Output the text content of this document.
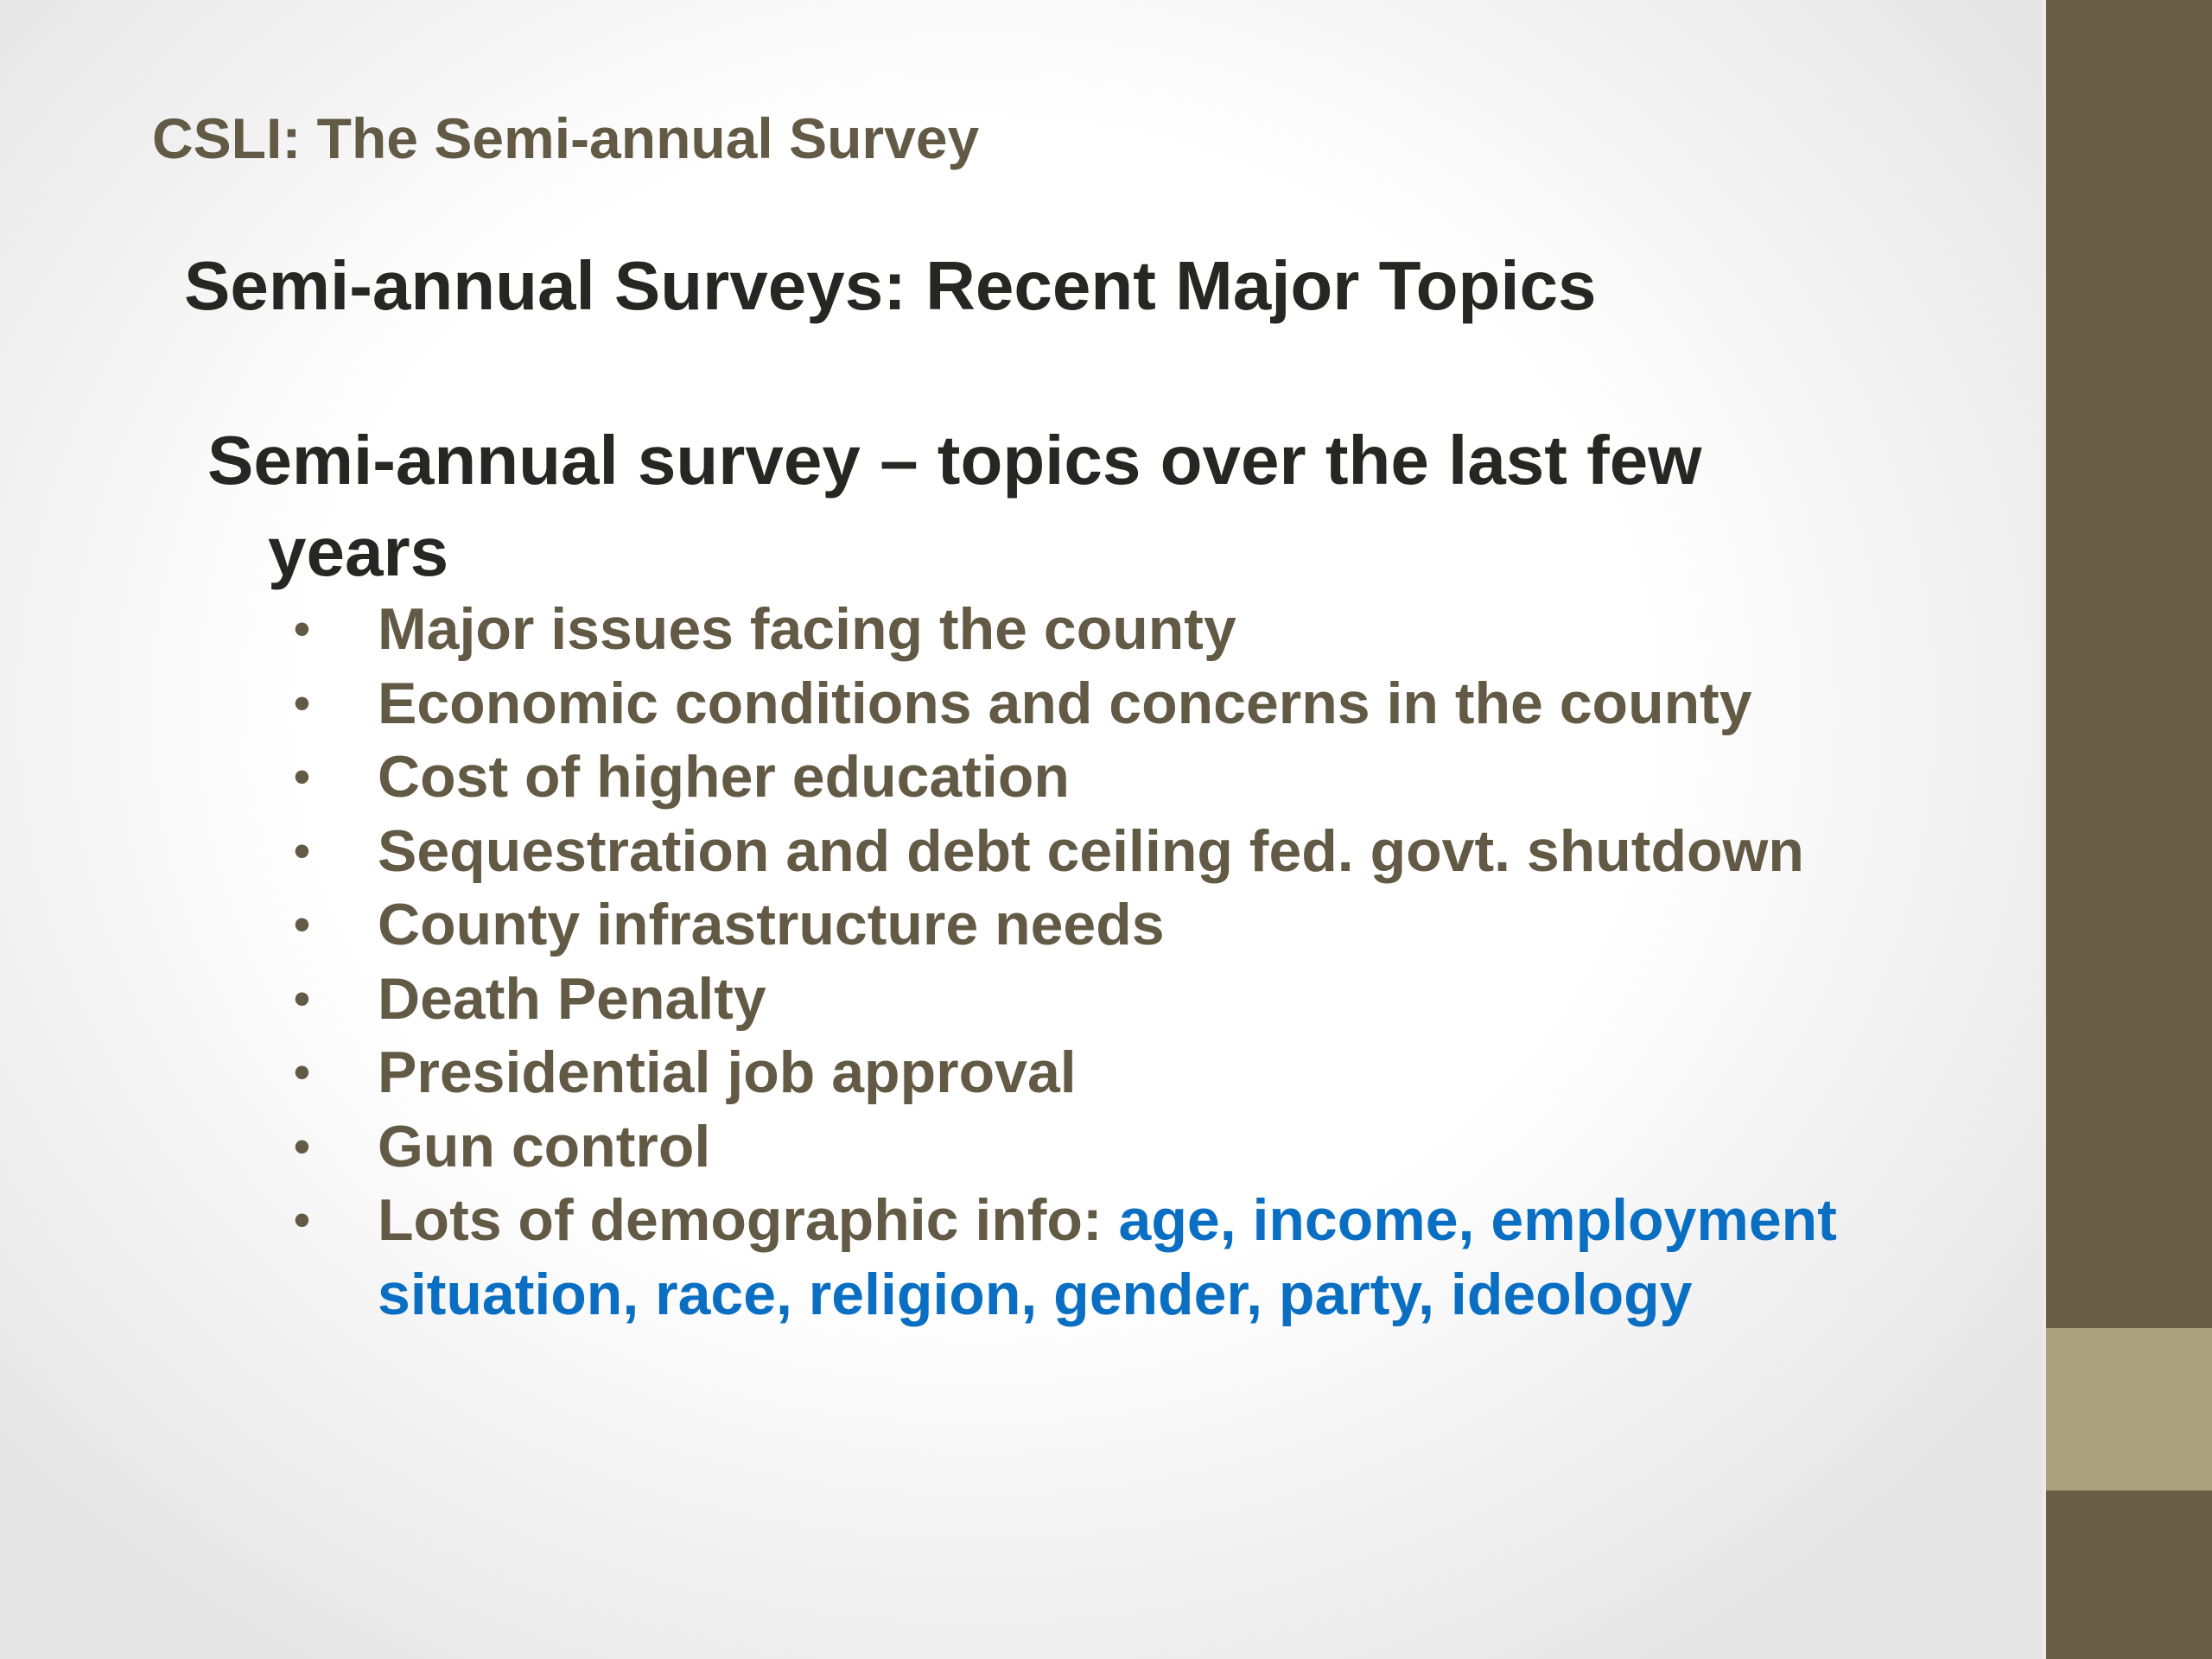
CSLI: The Semi-annual Survey
Semi-annual Surveys: Recent Major Topics
Semi-annual survey – topics over the last few
years
• Major issues facing the county
• Economic conditions and concerns in the county
• Cost of higher education
• Sequestration and debt ceiling fed. govt. shutdown
• County infrastructure needs
• Death Penalty
• Presidential job approval
• Gun control
• Lots of demographic info: age, income, employment
situation, race, religion, gender, party, ideology
